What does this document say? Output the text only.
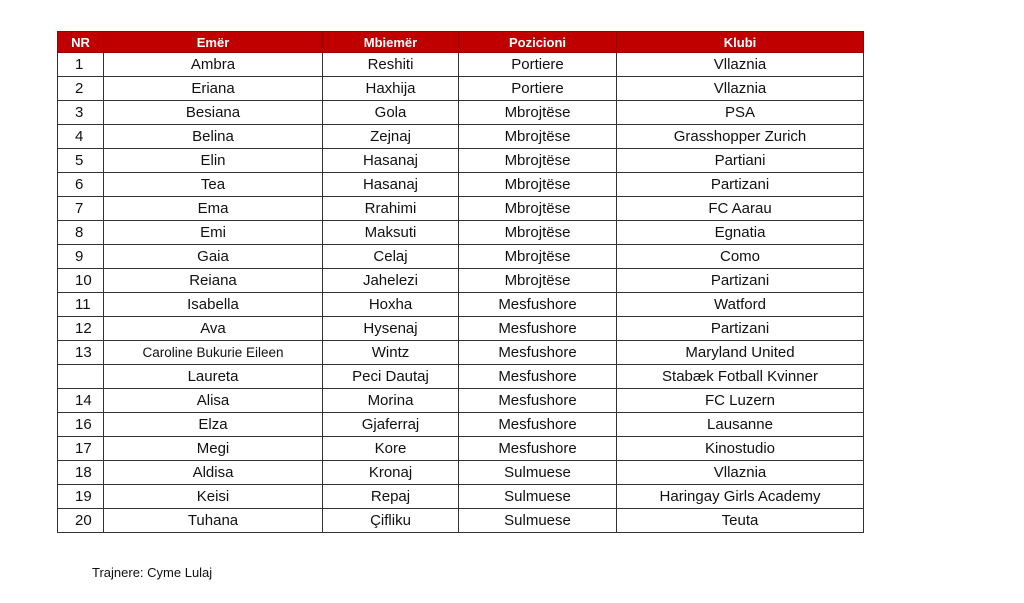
NR	Emër	Mbiemër	Pozicioni	Klubi
1	Ambra	Reshiti	Portiere	Vllaznia
2	Eriana	Haxhija	Portiere	Vllaznia
3	Besiana	Gola	Mbrojtëse	PSA
4	Belina	Zejnaj	Mbrojtëse	Grasshopper Zurich
5	Elin	Hasanaj	Mbrojtëse	Partiani
6	Tea	Hasanaj	Mbrojtëse	Partizani
7	Ema	Rrahimi	Mbrojtëse	FC Aarau
8	Emi	Maksuti	Mbrojtëse	Egnatia
9	Gaia	Celaj	Mbrojtëse	Como
10	Reiana	Jahelezi	Mbrojtëse	Partizani
11	Isabella	Hoxha	Mesfushore	Watford
12	Ava	Hysenaj	Mesfushore	Partizani
13	Caroline Bukurie Eileen	Wintz	Mesfushore	Maryland United
	Laureta	Peci Dautaj	Mesfushore	Stabæk Fotball Kvinner
14	Alisa	Morina	Mesfushore	FC Luzern
16	Elza	Gjaferraj	Mesfushore	Lausanne
17	Megi	Kore	Mesfushore	Kinostudio
18	Aldisa	Kronaj	Sulmuese	Vllaznia
19	Keisi	Repaj	Sulmuese	Haringay Girls Academy
20	Tuhana	Çifliku	Sulmuese	Teuta
Trajnere: Cyme Lulaj
